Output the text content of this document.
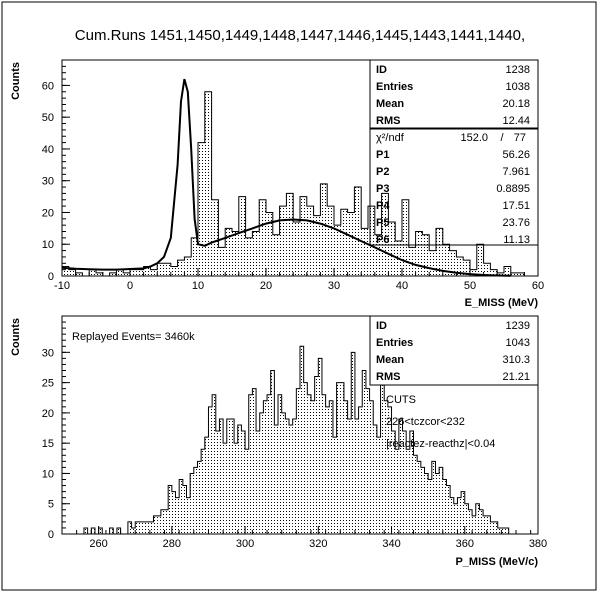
Cum.Runs 1451,1450,1449,1448,1447,1446,1445,1443,1441,1440,
-10	0	10	20	30	40	50	60
0
10
20
30
40
50
60
E_MISS (MeV)
Counts	ID	1238
Entries	1038
Mean	20.18
RMS	12.44
χ²/ndf	152.0 / 77
P1	56.26
P2	7.961
P3	0.8895
P4	17.51
P5	23.76
P6	11.13
260	280	300	320	340	360	380
0
5
10
15
20
25
30
P_MISS (MeV/c)
Counts	ID	1239
Entries	1043
Mean	310.3
RMS	21.21
Replayed Events= 3460k
CUTS
226<tczcor<232
|reactez-reacthz|<0.04
